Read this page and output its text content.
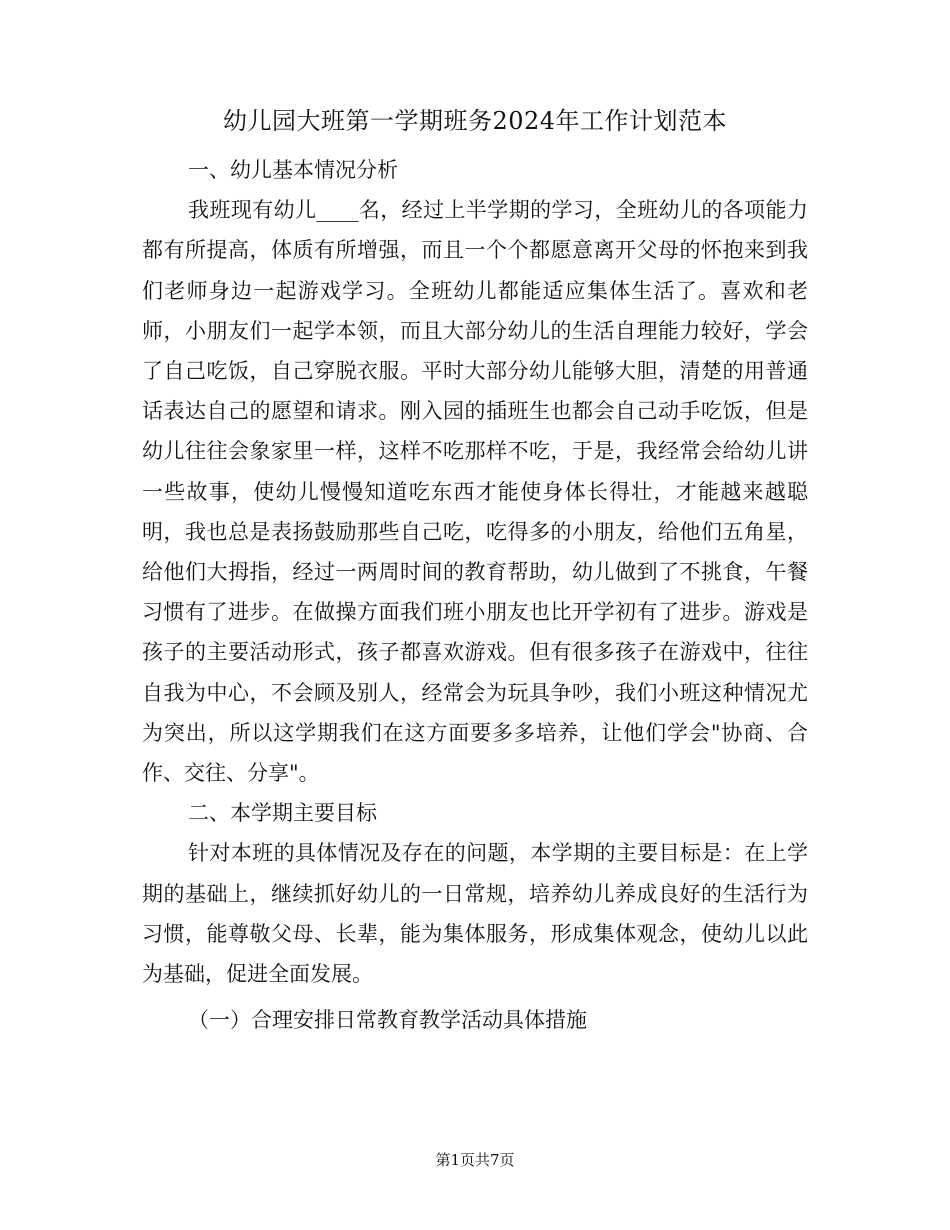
幼儿园大班第一学期班务2024年工作计划范本
一、幼儿基本情况分析

我班现有幼儿____名，经过上半学期的学习，全班幼儿的各项能力都有所提高，体质有所增强，而且一个个都愿意离开父母的怀抱来到我们老师身边一起游戏学习。全班幼儿都能适应集体生活了。喜欢和老师，小朋友们一起学本领，而且大部分幼儿的生活自理能力较好，学会了自己吃饭，自己穿脱衣服。平时大部分幼儿能够大胆，清楚的用普通话表达自己的愿望和请求。刚入园的插班生也都会自己动手吃饭，但是幼儿往往会象家里一样，这样不吃那样不吃，于是，我经常会给幼儿讲一些故事，使幼儿慢慢知道吃东西才能使身体长得壮，才能越来越聪明，我也总是表扬鼓励那些自己吃，吃得多的小朋友，给他们五角星，给他们大拇指，经过一两周时间的教育帮助，幼儿做到了不挑食，午餐习惯有了进步。在做操方面我们班小朋友也比开学初有了进步。游戏是孩子的主要活动形式，孩子都喜欢游戏。但有很多孩子在游戏中，往往自我为中心，不会顾及别人，经常会为玩具争吵，我们小班这种情况尤为突出，所以这学期我们在这方面要多多培养，让他们学会"协商、合作、交往、分享"。

二、本学期主要目标

针对本班的具体情况及存在的问题，本学期的主要目标是：在上学期的基础上，继续抓好幼儿的一日常规，培养幼儿养成良好的生活行为习惯，能尊敬父母、长辈，能为集体服务，形成集体观念，使幼儿以此为基础，促进全面发展。

（一）合理安排日常教育教学活动具体措施
第1页共7页
